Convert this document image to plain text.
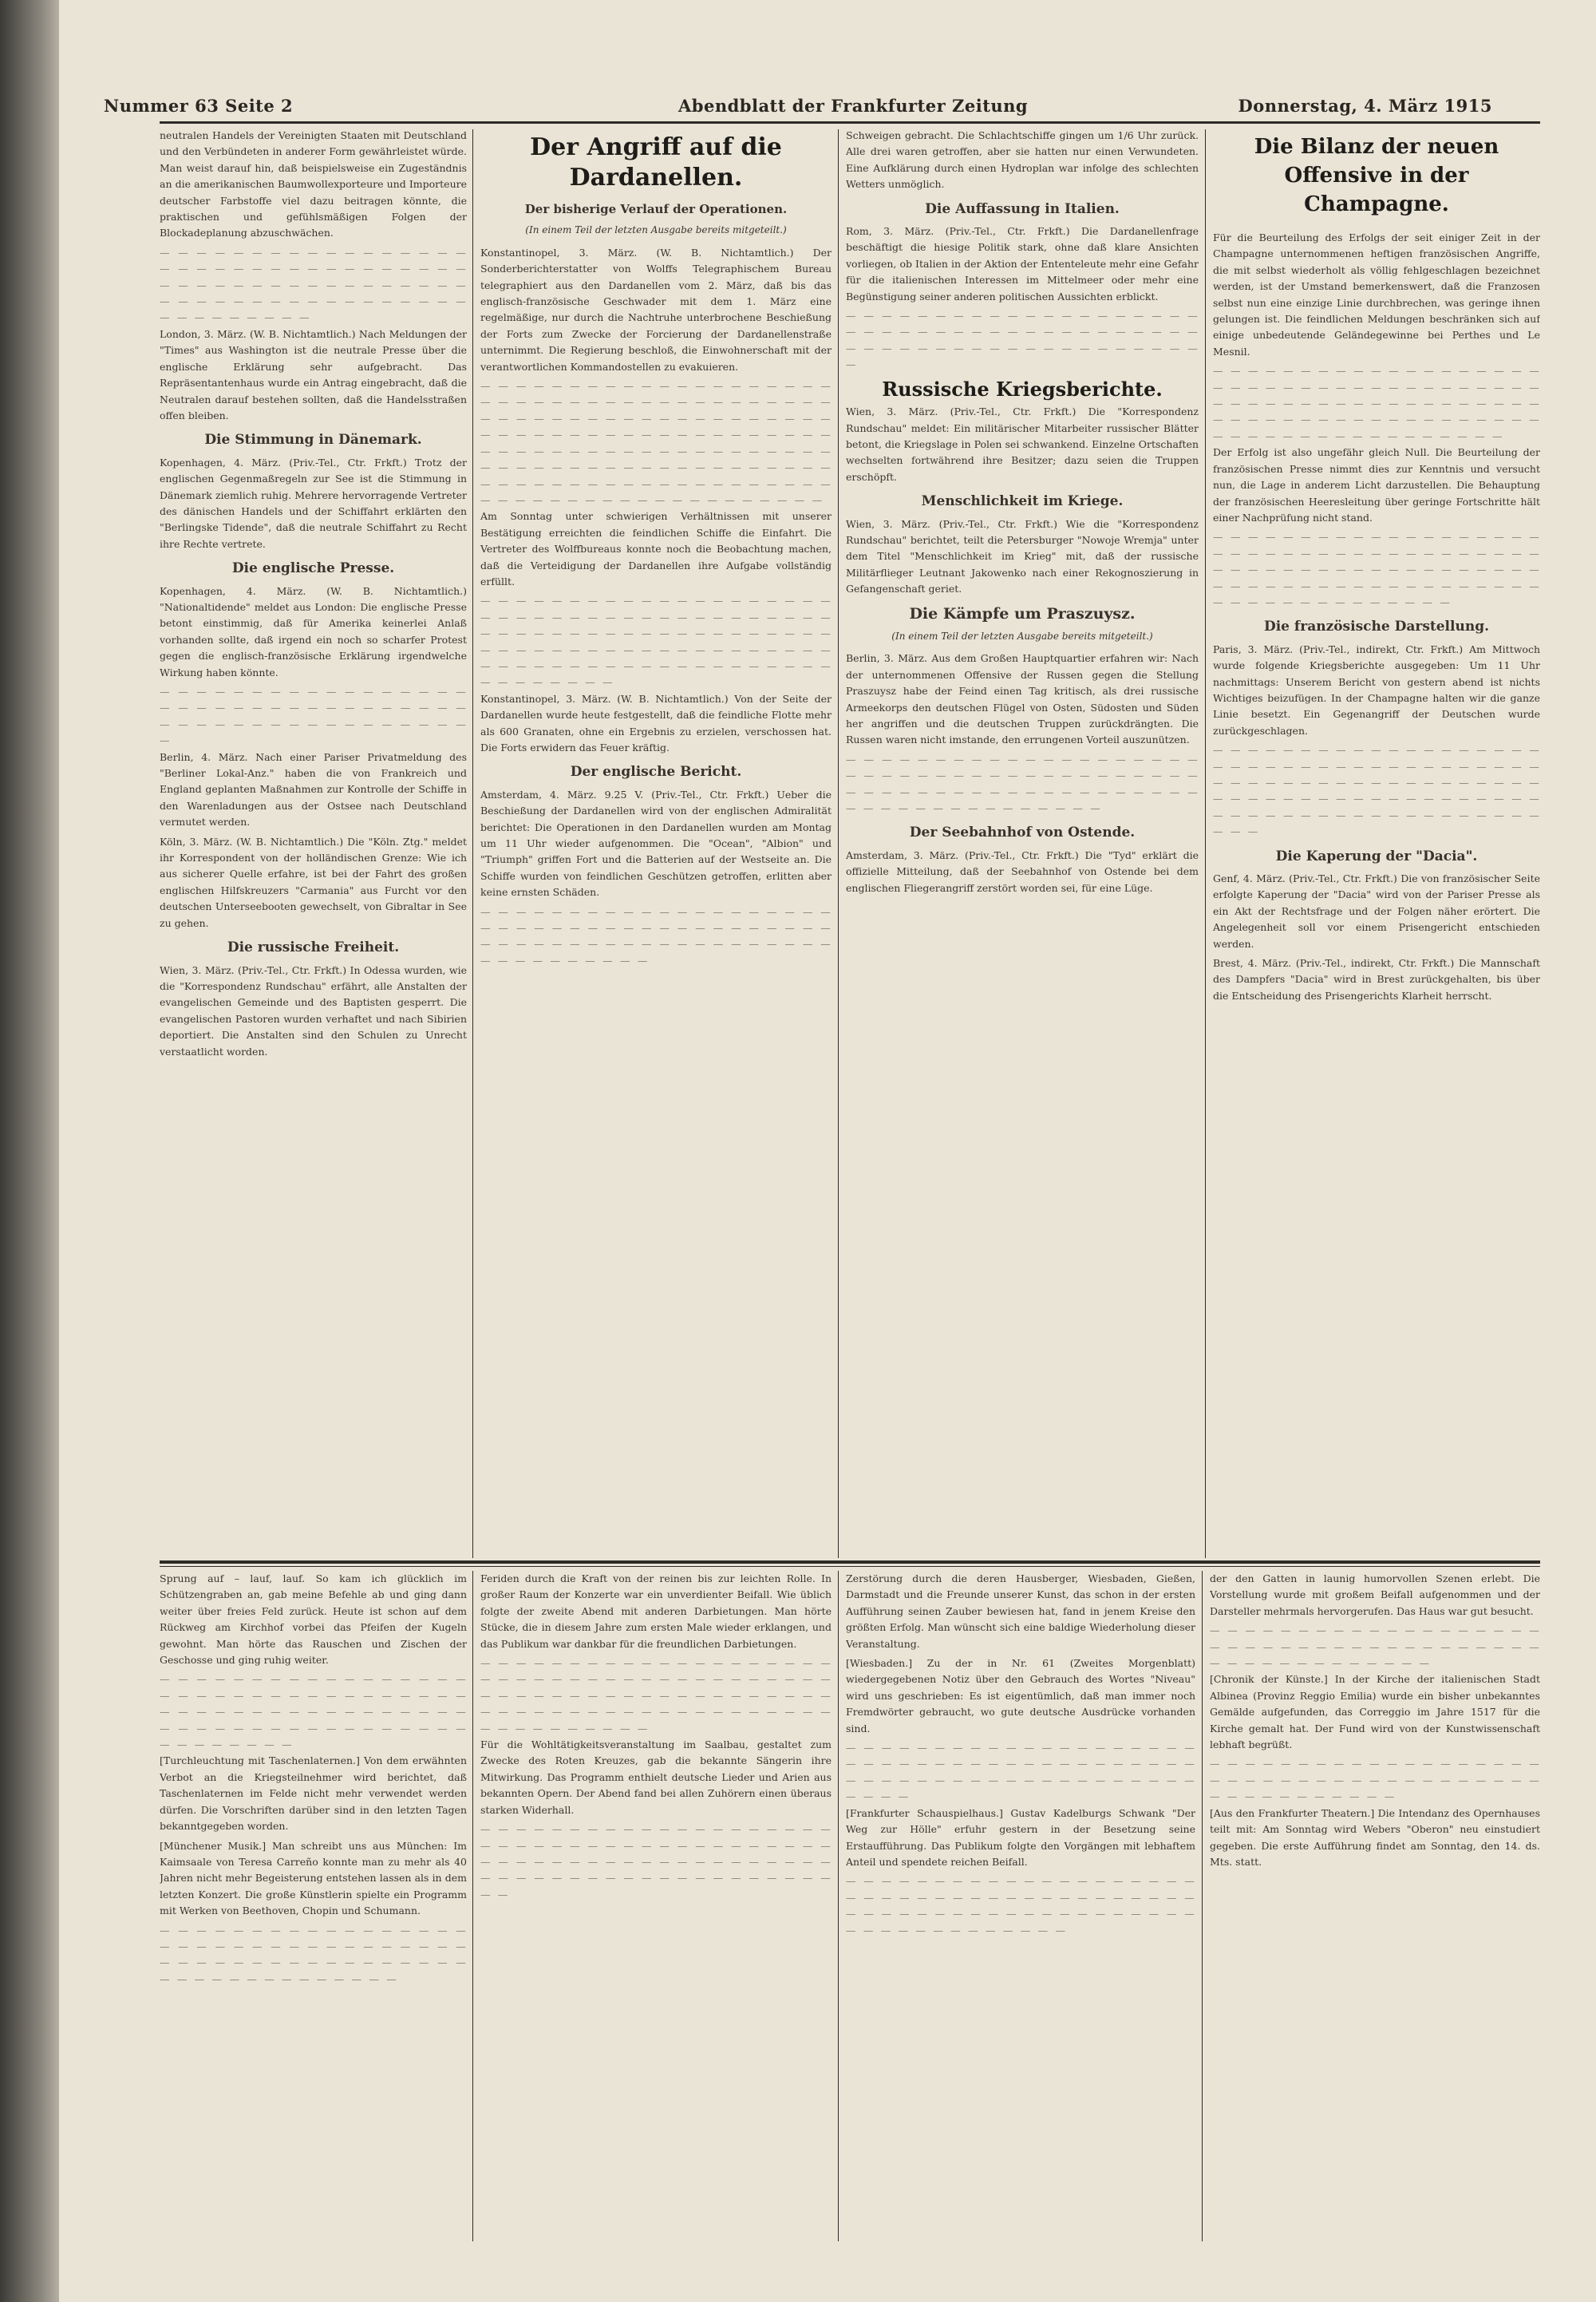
Nummer 63 Seite 2	Abendblatt der Frankfurter Zeitung	Donnerstag, 4. März 1915

neutralen Handels der Vereinigten Staaten mit Deutschland und den Verbündeten in anderer Form gewährleistet würde. Man weist darauf hin, daß beispielsweise ein Zugeständnis an die amerikanischen Baumwollexporteure und Importeure deutscher Farbstoffe viel dazu beitragen könnte, die praktischen und gefühlsmäßigen Folgen der Blockadeplanung abzuschwächen.

— — — — — — — — — — — — — — — — — — — — — — — — — — — — — — — — — — — — — — — — — — — — — — — — — — — — — — — — — — — — — — — — — — — — — — — — — — — — —

London, 3. März. (W. B. Nichtamtlich.) Nach Meldungen der "Times" aus Washington ist die neutrale Presse über die englische Erklärung sehr aufgebracht. Das Repräsentantenhaus wurde ein Antrag eingebracht, daß die Neutralen darauf bestehen sollten, daß die Handelsstraßen offen bleiben.

Die Stimmung in Dänemark.

Kopenhagen, 4. März. (Priv.-Tel., Ctr. Frkft.) Trotz der englischen Gegenmaßregeln zur See ist die Stimmung in Dänemark ziemlich ruhig. Mehrere hervorragende Vertreter des dänischen Handels und der Schiffahrt erklärten den "Berlingske Tidende", daß die neutrale Schiffahrt zu Recht ihre Rechte vertrete.

Die englische Presse.

Kopenhagen, 4. März. (W. B. Nichtamtlich.) "Nationaltidende" meldet aus London: Die englische Presse betont einstimmig, daß für Amerika keinerlei Anlaß vorhanden sollte, daß irgend ein noch so scharfer Protest gegen die englisch-französische Erklärung irgendwelche Wirkung haben könnte.

— — — — — — — — — — — — — — — — — — — — — — — — — — — — — — — — — — — — — — — — — — — — — — — — — — — —

Berlin, 4. März. Nach einer Pariser Privatmeldung des "Berliner Lokal-Anz." haben die von Frankreich und England geplanten Maßnahmen zur Kontrolle der Schiffe in den Warenladungen aus der Ostsee nach Deutschland vermutet werden.

Köln, 3. März. (W. B. Nichtamtlich.) Die "Köln. Ztg." meldet ihr Korrespondent von der holländischen Grenze: Wie ich aus sicherer Quelle erfahre, ist bei der Fahrt des großen englischen Hilfskreuzers "Carmania" aus Furcht vor den deutschen Unterseebooten gewechselt, von Gibraltar in See zu gehen.

Die russische Freiheit.

Wien, 3. März. (Priv.-Tel., Ctr. Frkft.) In Odessa wurden, wie die "Korrespondenz Rundschau" erfährt, alle Anstalten der evangelischen Gemeinde und des Baptisten gesperrt. Die evangelischen Pastoren wurden verhaftet und nach Sibirien deportiert. Die Anstalten sind den Schulen zu Unrecht verstaatlicht worden.

Der Angriff auf die Dardanellen.
Der bisherige Verlauf der Operationen.
(In einem Teil der letzten Ausgabe bereits mitgeteilt.)

Konstantinopel, 3. März. (W. B. Nichtamtlich.) Der Sonderberichterstatter von Wolffs Telegraphischem Bureau telegraphiert aus den Dardanellen vom 2. März, daß bis das englisch-französische Geschwader mit dem 1. März eine regelmäßige, nur durch die Nachtruhe unterbrochene Beschießung der Forts zum Zwecke der Forcierung der Dardanellenstraße unternimmt. Die Regierung beschloß, die Einwohnerschaft mit der verantwortlichen Kommandostellen zu evakuieren.

— — — — — — — — — — — — — — — — — — — — — — — — — — — — — — — — — — — — — — — — — — — — — — — — — — — — — — — — — — — — — — — — — — — — — — — — — — — — — — — — — — — — — — — — — — — — — — — — — — — — — — — — — — — — — — — — — — — — — — — — — — — — — — — — — — — — — — — — — — — — — — — — — — — — — — — — — — — — — — — —

Am Sonntag unter schwierigen Verhältnissen mit unserer Bestätigung erreichten die feindlichen Schiffe die Einfahrt. Die Vertreter des Wolffbureaus konnte noch die Beobachtung machen, daß die Verteidigung der Dardanellen ihre Aufgabe vollständig erfüllt.

— — — — — — — — — — — — — — — — — — — — — — — — — — — — — — — — — — — — — — — — — — — — — — — — — — — — — — — — — — — — — — — — — — — — — — — — — — — — — — — — — — — — — — — — — — — — — — — — — — — — — — — — — — — —

Konstantinopel, 3. März. (W. B. Nichtamtlich.) Von der Seite der Dardanellen wurde heute festgestellt, daß die feindliche Flotte mehr als 600 Granaten, ohne ein Ergebnis zu erzielen, verschossen hat. Die Forts erwidern das Feuer kräftig.

Der englische Bericht.

Amsterdam, 4. März. 9.25 V. (Priv.-Tel., Ctr. Frkft.) Ueber die Beschießung der Dardanellen wird von der englischen Admiralität berichtet: Die Operationen in den Dardanellen wurden am Montag um 11 Uhr wieder aufgenommen. Die "Ocean", "Albion" und "Triumph" griffen Fort und die Batterien auf der Westseite an. Die Schiffe wurden von feindlichen Geschützen getroffen, erlitten aber keine ernsten Schäden.

— — — — — — — — — — — — — — — — — — — — — — — — — — — — — — — — — — — — — — — — — — — — — — — — — — — — — — — — — — — — — — — — — — — — — —

Schweigen gebracht. Die Schlachtschiffe gingen um 1/6 Uhr zurück. Alle drei waren getroffen, aber sie hatten nur einen Verwundeten. Eine Aufklärung durch einen Hydroplan war infolge des schlechten Wetters unmöglich.

Die Auffassung in Italien.

Rom, 3. März. (Priv.-Tel., Ctr. Frkft.) Die Dardanellenfrage beschäftigt die hiesige Politik stark, ohne daß klare Ansichten vorliegen, ob Italien in der Aktion der Ententeleute mehr eine Gefahr für die italienischen Interessen im Mittelmeer oder mehr eine Begünstigung seiner anderen politischen Aussichten erblickt.

— — — — — — — — — — — — — — — — — — — — — — — — — — — — — — — — — — — — — — — — — — — — — — — — — — — — — — — — — — — — —

Russische Kriegsberichte.

Wien, 3. März. (Priv.-Tel., Ctr. Frkft.) Die "Korrespondenz Rundschau" meldet: Ein militärischer Mitarbeiter russischer Blätter betont, die Kriegslage in Polen sei schwankend. Einzelne Ortschaften wechselten fortwährend ihre Besitzer; dazu seien die Truppen erschöpft.

Menschlichkeit im Kriege.

Wien, 3. März. (Priv.-Tel., Ctr. Frkft.) Wie die "Korrespondenz Rundschau" berichtet, teilt die Petersburger "Nowoje Wremja" unter dem Titel "Menschlichkeit im Krieg" mit, daß der russische Militärflieger Leutnant Jakowenko nach einer Rekognoszierung in Gefangenschaft geriet.

Die Kämpfe um Praszuysz.
(In einem Teil der letzten Ausgabe bereits mitgeteilt.)

Berlin, 3. März. Aus dem Großen Hauptquartier erfahren wir: Nach der unternommenen Offensive der Russen gegen die Stellung Praszuysz habe der Feind einen Tag kritisch, als drei russische Armeekorps den deutschen Flügel von Osten, Südosten und Süden her angriffen und die deutschen Truppen zurückdrängten. Die Russen waren nicht imstande, den errungenen Vorteil auszunützen.

— — — — — — — — — — — — — — — — — — — — — — — — — — — — — — — — — — — — — — — — — — — — — — — — — — — — — — — — — — — — — — — — — — — — — — — — — — —

Der Seebahnhof von Ostende.

Amsterdam, 3. März. (Priv.-Tel., Ctr. Frkft.) Die "Tyd" erklärt die offizielle Mitteilung, daß der Seebahnhof von Ostende bei dem englischen Fliegerangriff zerstört worden sei, für eine Lüge.

Die Bilanz der neuen Offensive in der Champagne.

Für die Beurteilung des Erfolgs der seit einiger Zeit in der Champagne unternommenen heftigen französischen Angriffe, die mit selbst wiederholt als völlig fehlgeschlagen bezeichnet werden, ist der Umstand bemerkenswert, daß die Franzosen selbst nun eine einzige Linie durchbrechen, was geringe ihnen gelungen ist. Die feindlichen Meldungen beschränken sich auf einige unbedeutende Geländegewinne bei Perthes und Le Mesnil.

— — — — — — — — — — — — — — — — — — — — — — — — — — — — — — — — — — — — — — — — — — — — — — — — — — — — — — — — — — — — — — — — — — — — — — — — — — — — — — — — — — — — — — — — — — — — —

Der Erfolg ist also ungefähr gleich Null. Die Beurteilung der französischen Presse nimmt dies zur Kenntnis und versucht nun, die Lage in anderem Licht darzustellen. Die Behauptung der französischen Heeresleitung über geringe Fortschritte hält einer Nachprüfung nicht stand.

— — — — — — — — — — — — — — — — — — — — — — — — — — — — — — — — — — — — — — — — — — — — — — — — — — — — — — — — — — — — — — — — — — — — — — — — — — — — — — — — — — — — — — — — — —

Die französische Darstellung.

Paris, 3. März. (Priv.-Tel., indirekt, Ctr. Frkft.) Am Mittwoch wurde folgende Kriegsberichte ausgegeben: Um 11 Uhr nachmittags: Unserem Bericht von gestern abend ist nichts Wichtiges beizufügen. In der Champagne halten wir die ganze Linie besetzt. Ein Gegenangriff der Deutschen wurde zurückgeschlagen.

— — — — — — — — — — — — — — — — — — — — — — — — — — — — — — — — — — — — — — — — — — — — — — — — — — — — — — — — — — — — — — — — — — — — — — — — — — — — — — — — — — — — — — — — — — — — — — — — — —

Die Kaperung der "Dacia".

Genf, 4. März. (Priv.-Tel., Ctr. Frkft.) Die von französischer Seite erfolgte Kaperung der "Dacia" wird von der Pariser Presse als ein Akt der Rechtsfrage und der Folgen näher erörtert. Die Angelegenheit soll vor einem Prisengericht entschieden werden.

Brest, 4. März. (Priv.-Tel., indirekt, Ctr. Frkft.) Die Mannschaft des Dampfers "Dacia" wird in Brest zurückgehalten, bis über die Entscheidung des Prisengerichts Klarheit herrscht.

Sprung auf – lauf, lauf. So kam ich glücklich im Schützengraben an, gab meine Befehle ab und ging dann weiter über freies Feld zurück. Heute ist schon auf dem Rückweg am Kirchhof vorbei das Pfeifen der Kugeln gewohnt. Man hörte das Rauschen und Zischen der Geschosse und ging ruhig weiter.

— — — — — — — — — — — — — — — — — — — — — — — — — — — — — — — — — — — — — — — — — — — — — — — — — — — — — — — — — — — — — — — — — — — — — — — — — — — —

[Turchleuchtung mit Taschenlaternen.] Von dem erwähnten Verbot an die Kriegsteilnehmer wird berichtet, daß Taschenlaternen im Felde nicht mehr verwendet werden dürfen. Die Vorschriften darüber sind in den letzten Tagen bekanntgegeben worden.

[Münchener Musik.] Man schreibt uns aus München: Im Kaimsaale von Teresa Carreño konnte man zu mehr als 40 Jahren nicht mehr Begeisterung entstehen lassen als in dem letzten Konzert. Die große Künstlerin spielte ein Programm mit Werken von Beethoven, Chopin und Schumann.

— — — — — — — — — — — — — — — — — — — — — — — — — — — — — — — — — — — — — — — — — — — — — — — — — — — — — — — — — — — — — — — — —

Feriden durch die Kraft von der reinen bis zur leichten Rolle. In großer Raum der Konzerte war ein unverdienter Beifall. Wie üblich folgte der zweite Abend mit anderen Darbietungen. Man hörte Stücke, die in diesem Jahre zum ersten Male wieder erklangen, und das Publikum war dankbar für die freundlichen Darbietungen.

— — — — — — — — — — — — — — — — — — — — — — — — — — — — — — — — — — — — — — — — — — — — — — — — — — — — — — — — — — — — — — — — — — — — — — — — — — — — — — — — — — — — — — — — — —

Für die Wohltätigkeitsveranstaltung im Saalbau, gestaltet zum Zwecke des Roten Kreuzes, gab die bekannte Sängerin ihre Mitwirkung. Das Programm enthielt deutsche Lieder und Arien aus bekannten Opern. Der Abend fand bei allen Zuhörern einen überaus starken Widerhall.

— — — — — — — — — — — — — — — — — — — — — — — — — — — — — — — — — — — — — — — — — — — — — — — — — — — — — — — — — — — — — — — — — — — — — — — — — — — — — — — — — —

Zerstörung durch die deren Hausberger, Wiesbaden, Gießen, Darmstadt und die Freunde unserer Kunst, das schon in der ersten Aufführung seinen Zauber bewiesen hat, fand in jenem Kreise den größten Erfolg. Man wünscht sich eine baldige Wiederholung dieser Veranstaltung.

[Wiesbaden.] Zu der in Nr. 61 (Zweites Morgenblatt) wiedergegebenen Notiz über den Gebrauch des Wortes "Niveau" wird uns geschrieben: Es ist eigentümlich, daß man immer noch Fremdwörter gebraucht, wo gute deutsche Ausdrücke vorhanden sind.

— — — — — — — — — — — — — — — — — — — — — — — — — — — — — — — — — — — — — — — — — — — — — — — — — — — — — — — — — — — — — — — —

[Frankfurter Schauspielhaus.] Gustav Kadelburgs Schwank "Der Weg zur Hölle" erfuhr gestern in der Besetzung seine Erstaufführung. Das Publikum folgte den Vorgängen mit lebhaftem Anteil und spendete reichen Beifall.

— — — — — — — — — — — — — — — — — — — — — — — — — — — — — — — — — — — — — — — — — — — — — — — — — — — — — — — — — — — — — — — — — — — — — — — — —

der den Gatten in launig humorvollen Szenen erlebt. Die Vorstellung wurde mit großem Beifall aufgenommen und der Darsteller mehrmals hervorgerufen. Das Haus war gut besucht.

— — — — — — — — — — — — — — — — — — — — — — — — — — — — — — — — — — — — — — — — — — — — — — — — — — —

[Chronik der Künste.] In der Kirche der italienischen Stadt Albinea (Provinz Reggio Emilia) wurde ein bisher unbekanntes Gemälde aufgefunden, das Correggio im Jahre 1517 für die Kirche gemalt hat. Der Fund wird von der Kunstwissenschaft lebhaft begrüßt.

— — — — — — — — — — — — — — — — — — — — — — — — — — — — — — — — — — — — — — — — — — — — — — — — —

[Aus den Frankfurter Theatern.] Die Intendanz des Opernhauses teilt mit: Am Sonntag wird Webers "Oberon" neu einstudiert gegeben. Die erste Aufführung findet am Sonntag, den 14. ds. Mts. statt.
